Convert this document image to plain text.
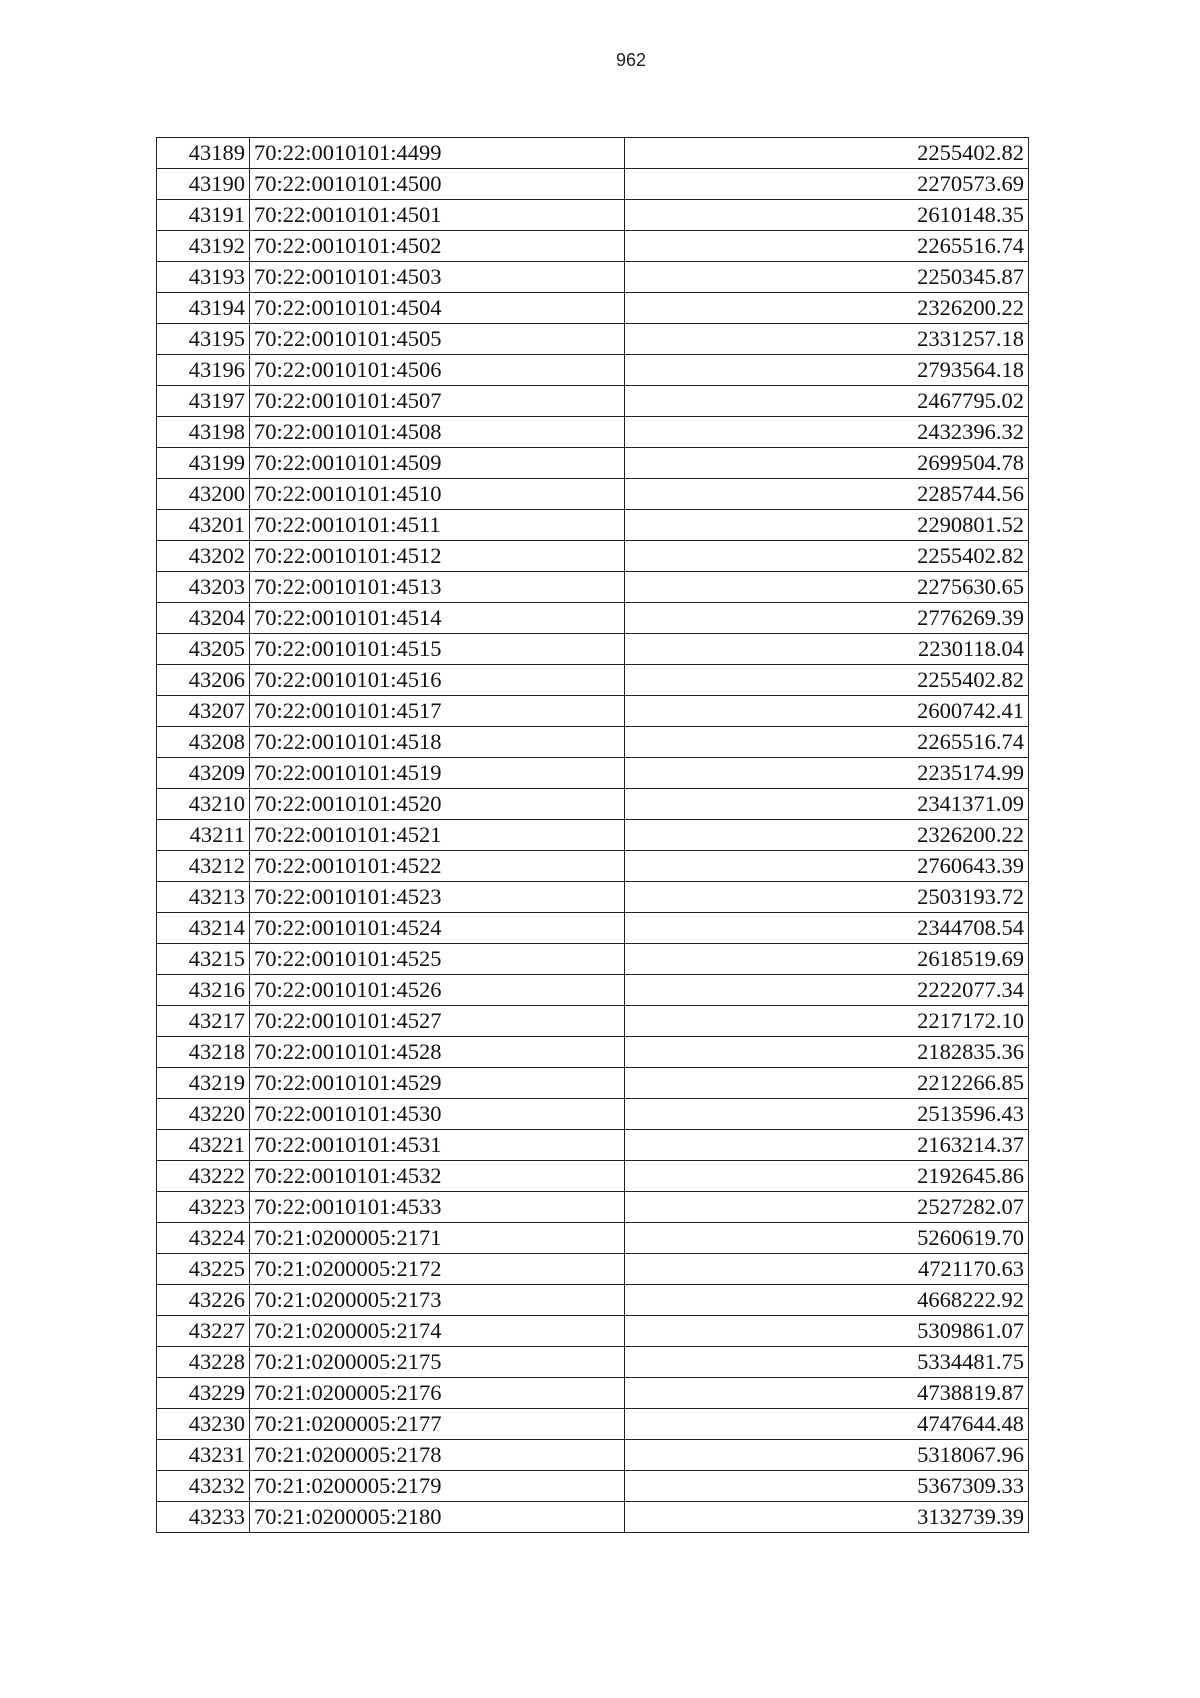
962
43189	70:22:0010101:4499	2255402.82
43190	70:22:0010101:4500	2270573.69
43191	70:22:0010101:4501	2610148.35
43192	70:22:0010101:4502	2265516.74
43193	70:22:0010101:4503	2250345.87
43194	70:22:0010101:4504	2326200.22
43195	70:22:0010101:4505	2331257.18
43196	70:22:0010101:4506	2793564.18
43197	70:22:0010101:4507	2467795.02
43198	70:22:0010101:4508	2432396.32
43199	70:22:0010101:4509	2699504.78
43200	70:22:0010101:4510	2285744.56
43201	70:22:0010101:4511	2290801.52
43202	70:22:0010101:4512	2255402.82
43203	70:22:0010101:4513	2275630.65
43204	70:22:0010101:4514	2776269.39
43205	70:22:0010101:4515	2230118.04
43206	70:22:0010101:4516	2255402.82
43207	70:22:0010101:4517	2600742.41
43208	70:22:0010101:4518	2265516.74
43209	70:22:0010101:4519	2235174.99
43210	70:22:0010101:4520	2341371.09
43211	70:22:0010101:4521	2326200.22
43212	70:22:0010101:4522	2760643.39
43213	70:22:0010101:4523	2503193.72
43214	70:22:0010101:4524	2344708.54
43215	70:22:0010101:4525	2618519.69
43216	70:22:0010101:4526	2222077.34
43217	70:22:0010101:4527	2217172.10
43218	70:22:0010101:4528	2182835.36
43219	70:22:0010101:4529	2212266.85
43220	70:22:0010101:4530	2513596.43
43221	70:22:0010101:4531	2163214.37
43222	70:22:0010101:4532	2192645.86
43223	70:22:0010101:4533	2527282.07
43224	70:21:0200005:2171	5260619.70
43225	70:21:0200005:2172	4721170.63
43226	70:21:0200005:2173	4668222.92
43227	70:21:0200005:2174	5309861.07
43228	70:21:0200005:2175	5334481.75
43229	70:21:0200005:2176	4738819.87
43230	70:21:0200005:2177	4747644.48
43231	70:21:0200005:2178	5318067.96
43232	70:21:0200005:2179	5367309.33
43233	70:21:0200005:2180	3132739.39
